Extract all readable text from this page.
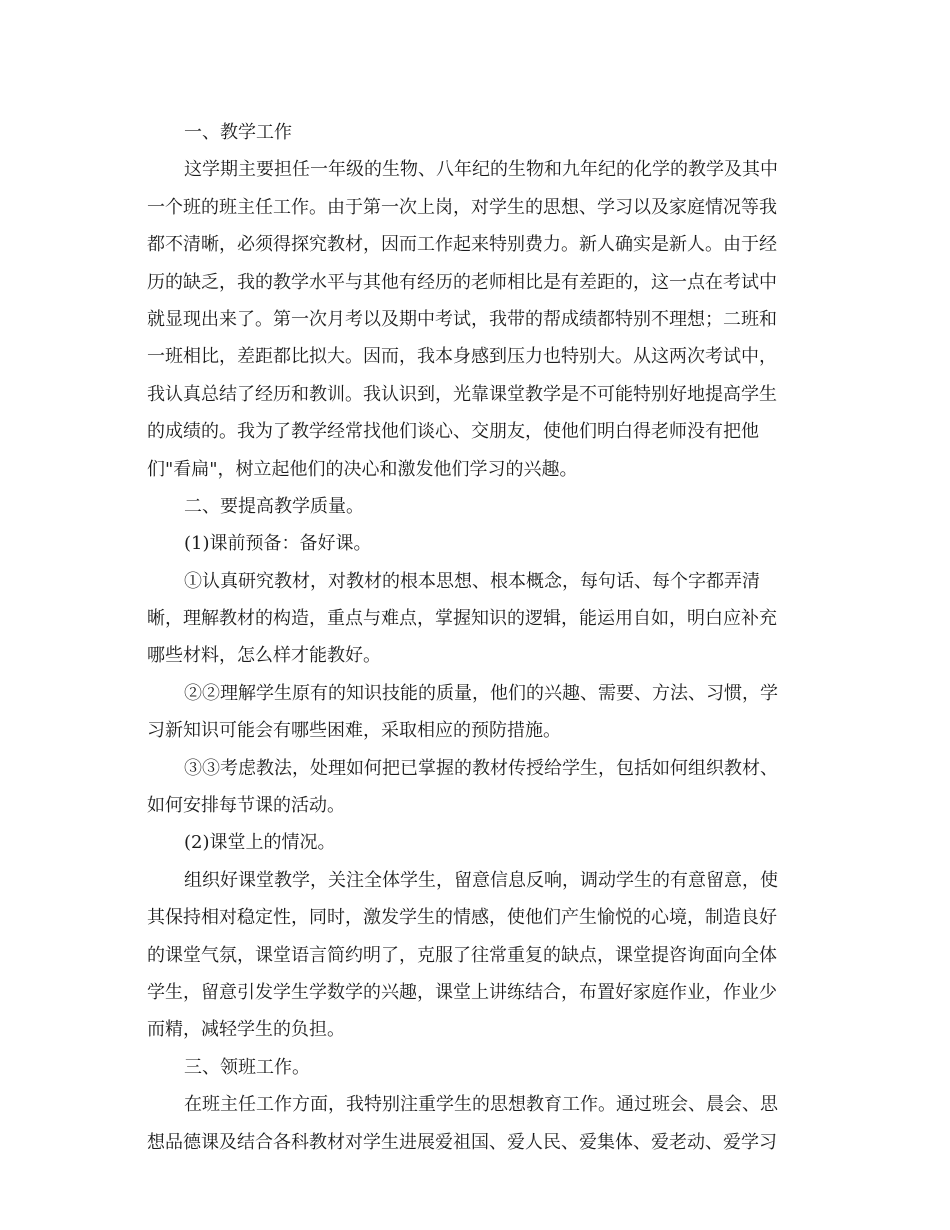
一、教学工作
这学期主要担任一年级的生物、八年纪的生物和九年纪的化学的教学及其中
一个班的班主任工作。由于第一次上岗，对学生的思想、学习以及家庭情况等我
都不清晰，必须得探究教材，因而工作起来特别费力。新人确实是新人。由于经
历的缺乏，我的教学水平与其他有经历的老师相比是有差距的，这一点在考试中
就显现出来了。第一次月考以及期中考试，我带的帮成绩都特别不理想；二班和
一班相比，差距都比拟大。因而，我本身感到压力也特别大。从这两次考试中，
我认真总结了经历和教训。我认识到，光靠课堂教学是不可能特别好地提高学生
的成绩的。我为了教学经常找他们谈心、交朋友，使他们明白得老师没有把他
们"看扁"，树立起他们的决心和激发他们学习的兴趣。
二、要提高教学质量。
(1)课前预备：备好课。
①认真研究教材，对教材的根本思想、根本概念，每句话、每个字都弄清
晰，理解教材的构造，重点与难点，掌握知识的逻辑，能运用自如，明白应补充
哪些材料，怎么样才能教好。
②②理解学生原有的知识技能的质量，他们的兴趣、需要、方法、习惯，学
习新知识可能会有哪些困难，采取相应的预防措施。
③③考虑教法，处理如何把已掌握的教材传授给学生，包括如何组织教材、
如何安排每节课的活动。
(2)课堂上的情况。
组织好课堂教学，关注全体学生，留意信息反响，调动学生的有意留意，使
其保持相对稳定性，同时，激发学生的情感，使他们产生愉悦的心境，制造良好
的课堂气氛，课堂语言简约明了，克服了往常重复的缺点，课堂提咨询面向全体
学生，留意引发学生学数学的兴趣，课堂上讲练结合，布置好家庭作业，作业少
而精，减轻学生的负担。
三、领班工作。
在班主任工作方面，我特别注重学生的思想教育工作。通过班会、晨会、思
想品德课及结合各科教材对学生进展爱祖国、爱人民、爱集体、爱老动、爱学习
